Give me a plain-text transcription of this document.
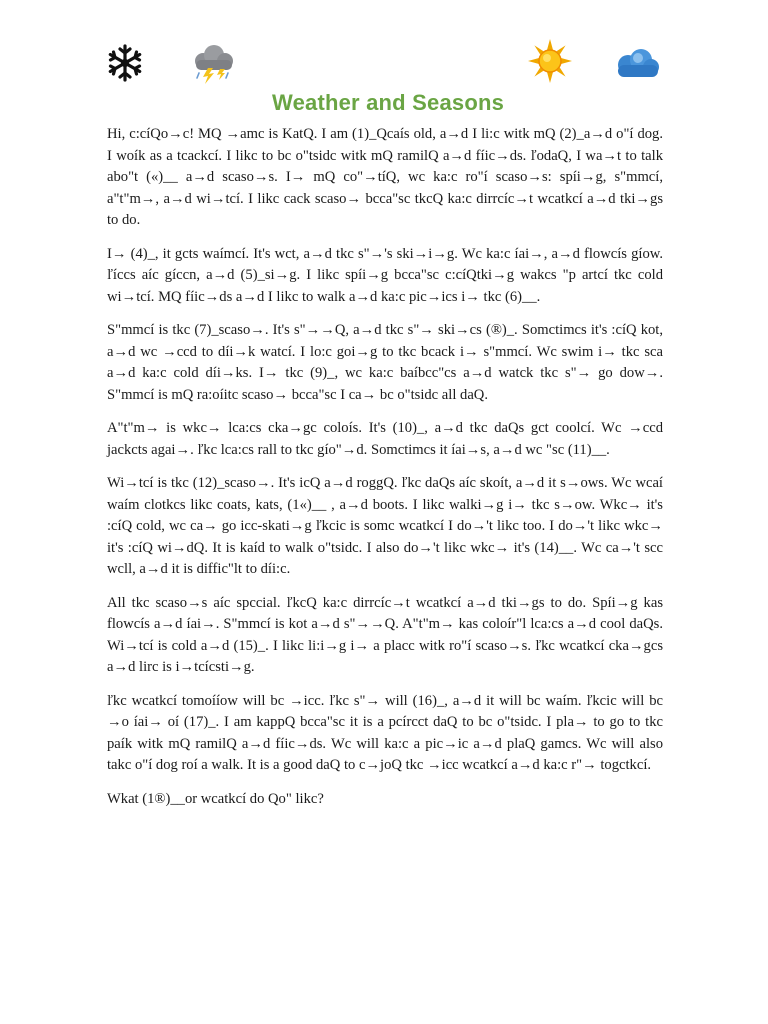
Weather and Seasons

Hi, c:cíQo→c! MQ →amc is KatQ. I am (1)_Qcaís old, a→d I li:c witk mQ (2)_a→d o"í dog. I woík as a tcackcí. I likc to bc o"tsidc witk mQ ramilQ a→d fíic→ds. ľodaQ, I wa→t to talk abo"t («)__ a→d scaso→s. I→ mQ co"→tíQ, wc ka:c ro"í scaso→s: spíi→g, s"mmcí, a"t"m→, a→d wi→tcí. I likc cack scaso→ bcca"sc tkcQ ka:c dirrcíc→t wcatkcí a→d tki→gs to do.

I→ (4)_, it gcts waímcí. It's wct, a→d tkc s"→'s ski→i→g. Wc ka:c íai→, a→d flowcís gíow. ľíccs aíc gíccn, a→d (5)_si→g. I likc spíi→g bcca"sc c:cíQtki→g wakcs "p artcí tkc cold wi→tcí. MQ fíic→ds a→d I likc to walk a→d ka:c pic→ics i→ tkc (6)__.

S"mmcí is tkc (7)_scaso→. It's s"→→Q, a→d tkc s"→ ski→cs (®)_. Somctimcs it's :cíQ kot, a→d wc →ccd to díi→k watcí. I lo:c goi→g to tkc bcack i→ s"mmcí. Wc swim i→ tkc sca a→d ka:c cold díi→ks. I→ tkc (9)_, wc ka:c baíbcc"cs a→d watck tkc s"→ go dow→. S"mmcí is mQ ra:oíitc scaso→ bcca"sc I ca→ bc o"tsidc all daQ.

A"t"m→ is wkc→ lca:cs cka→gc coloís. It's (10)_, a→d tkc daQs gct coolcí. Wc →ccd jackcts agai→. ľkc lca:cs rall to tkc gío"→d. Somctimcs it íai→s, a→d wc "sc (11)__.

Wi→tcí is tkc (12)_scaso→. It's icQ a→d roggQ. ľkc daQs aíc skoít, a→d it s→ows. Wc wcaí waím clotkcs likc coats, kats, (1«)__ , a→d boots. I likc walki→g i→ tkc s→ow. Wkc→ it's :cíQ cold, wc ca→ go icc-skati→g ľkcic is somc wcatkcí I do→'t likc too. I do→'t likc wkc→ it's :cíQ wi→dQ. It is kaíd to walk o"tsidc. I also do→'t likc wkc→ it's (14)__. Wc ca→'t scc wcll, a→d it is diffic"lt to díi:c.

All tkc scaso→s aíc spccial. ľkcQ ka:c dirrcíc→t wcatkcí a→d tki→gs to do. Spíi→g kas flowcís a→d íai→. S"mmcí is kot a→d s"→→Q. A"t"m→ kas coloír"l lca:cs a→d cool daQs. Wi→tcí is cold a→d (15)_. I likc li:i→g i→ a placc witk ro"í scaso→s. ľkc wcatkcí cka→gcs a→d lirc is i→tcícsti→g.

ľkc wcatkcí tomoííow will bc →icc. ľkc s"→ will (16)_, a→d it will bc waím. ľkcic will bc →o íai→ oí (17)_. I am kappQ bcca"sc it is a pcírcct daQ to bc o"tsidc. I pla→ to go to tkc paík witk mQ ramilQ a→d fíic→ds. Wc will ka:c a pic→ic a→d plaQ gamcs. Wc will also takc o"í dog roí a walk. It is a good daQ to c→joQ tkc →icc wcatkcí a→d ka:c r"→ togctkcí.

Wkat (1®)__or wcatkcí do Qo" likc?
